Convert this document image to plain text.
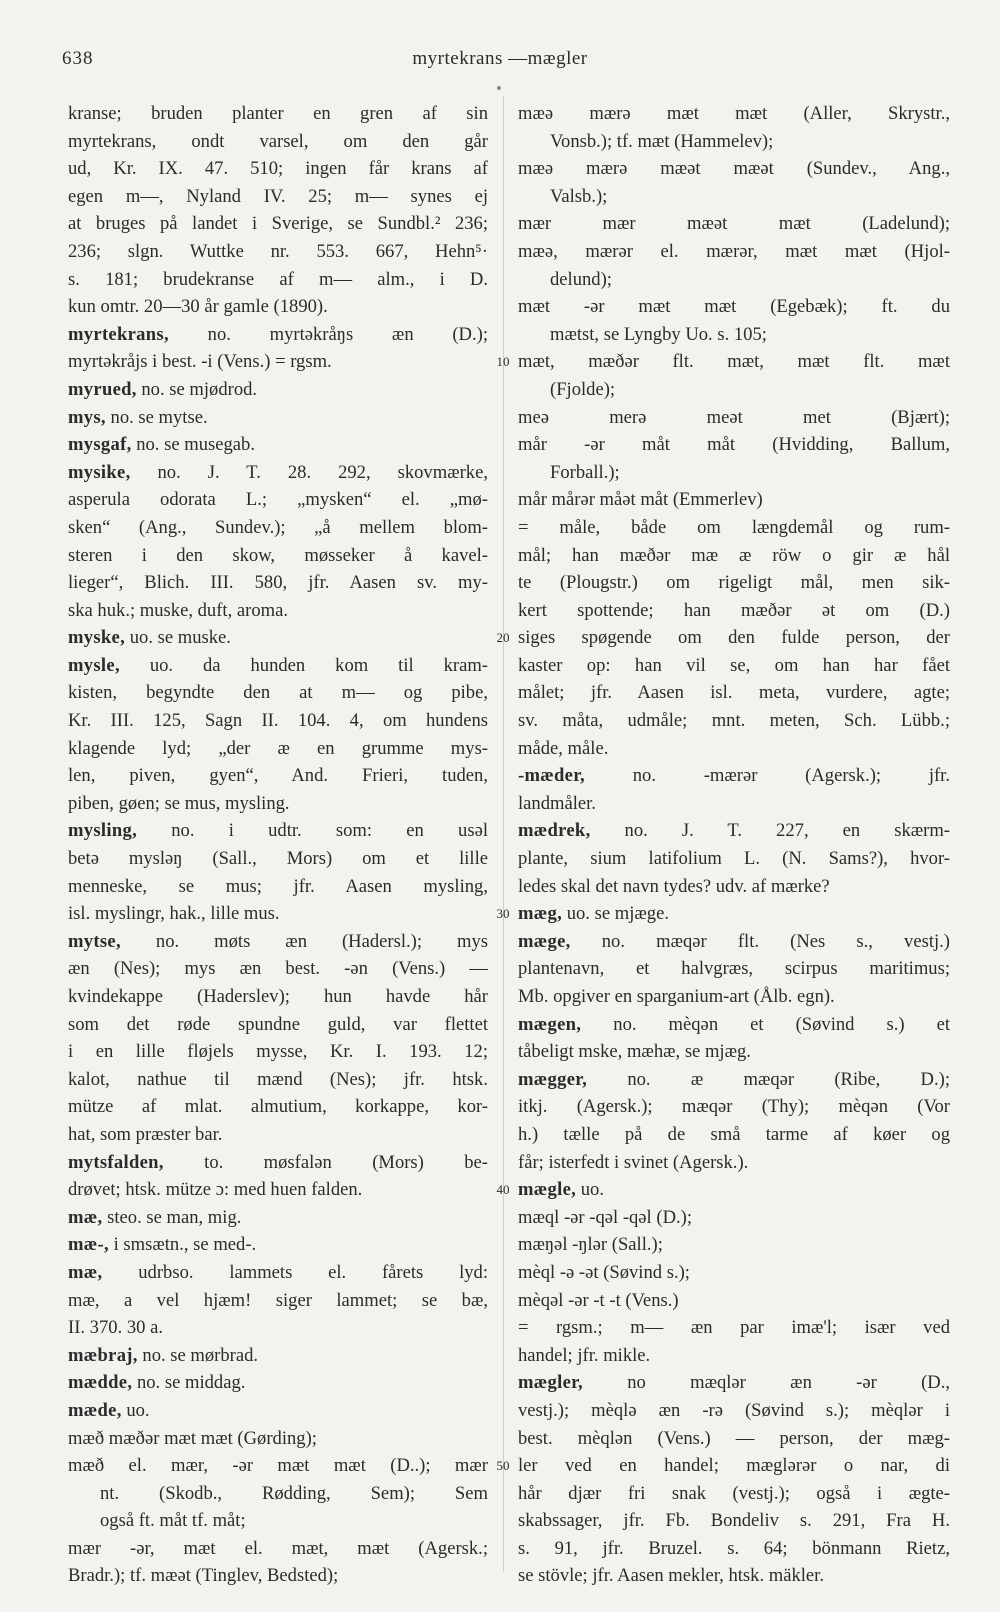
638	myrtekrans —mægler
kranse; bruden planter en gren af sin
myrtekrans, ondt varsel, om den går
ud, Kr. IX. 47. 510; ingen får krans af
egen m—, Nyland IV. 25; m— synes ej
at bruges på landet i Sverige, se Sundbl.² 236;
236; slgn. Wuttke nr. 553. 667, Hehn⁵·
s. 181; brudekranse af m— alm., i D.
kun omtr. 20—30 år gamle (1890).
myrtekrans, no. myrtəkråŋs æn (D.);
myrtəkråjs i best. -i (Vens.) = rgsm.
myrued, no. se mjødrod.
mys, no. se mytse.
mysgaf, no. se musegab.
mysike, no. J. T. 28. 292, skovmærke,
asperula odorata L.; „mysken“ el. „mø-
sken“ (Ang., Sundev.); „å mellem blom-
steren i den skow, møsseker å kavel-
lieger“, Blich. III. 580, jfr. Aasen sv. my-
ska huk.; muske, duft, aroma.
myske, uo. se muske.
mysle, uo. da hunden kom til kram-
kisten, begyndte den at m— og pibe,
Kr. III. 125, Sagn II. 104. 4, om hundens
klagende lyd; „der æ en grumme mys-
len, piven, gyen“, And. Frieri, tuden,
piben, gøen; se mus, mysling.
mysling, no. i udtr. som: en usəl
betə mysləŋ (Sall., Mors) om et lille
menneske, se mus; jfr. Aasen mysling,
isl. myslingr, hak., lille mus.
mytse, no. møts æn (Hadersl.); mys
æn (Nes); mys æn best. -ən (Vens.) —
kvindekappe (Haderslev); hun havde hår
som det røde spundne guld, var flettet
i en lille fløjels mysse, Kr. I. 193. 12;
kalot, nathue til mænd (Nes); jfr. htsk.
mütze af mlat. almutium, korkappe, kor-
hat, som præster bar.
mytsfalden, to. møsfalən (Mors) be-
drøvet; htsk. mütze ɔ: med huen falden.
mæ, steo. se man, mig.
mæ-, i smsætn., se med-.
mæ, udrbso. lammets el. fårets lyd:
mæ, a vel hjæm! siger lammet; se bæ,
II. 370. 30 a.
mæbraj, no. se mørbrad.
mædde, no. se middag.
mæde, uo.
mæð mæðər mæt mæt (Gørding);
mæð el. mær, -ər mæt mæt (D..); mær
nt. (Skodb., Rødding, Sem); Sem
også ft. måt tf. måt;
mær -ər, mæt el. mæt, mæt (Agersk.;
Bradr.); tf. mæət (Tinglev, Bedsted);
10
20
30
40
50
mæə mærə mæt mæt (Aller, Skrystr.,
Vonsb.); tf. mæt (Hammelev);
mæə mærə mæət mæət (Sundev., Ang.,
Valsb.);
mær mær mæət mæt (Ladelund);
mæə, mærər el. mærər, mæt mæt (Hjol-
delund);
mæt -ər mæt mæt (Egebæk); ft. du
mætst, se Lyngby Uo. s. 105;
mæt, mæðər flt. mæt, mæt flt. mæt
(Fjolde);
meə merə meət met (Bjært);
mår -ər måt måt (Hvidding, Ballum,
Forball.);
mår mårər måət måt (Emmerlev)
= måle, både om længdemål og rum-
mål; han mæðər mæ æ röw o gir æ hål
te (Plougstr.) om rigeligt mål, men sik-
kert spottende; han mæðər ət om (D.)
siges spøgende om den fulde person, der
kaster op: han vil se, om han har fået
målet; jfr. Aasen isl. meta, vurdere, agte;
sv. måta, udmåle; mnt. meten, Sch. Lübb.;
måde, måle.
-mæder, no. -mærər (Agersk.); jfr.
landmåler.
mædrek, no. J. T. 227, en skærm-
plante, sium latifolium L. (N. Sams?), hvor-
ledes skal det navn tydes? udv. af mærke?
mæg, uo. se mjæge.
mæge, no. mæqər flt. (Nes s., vestj.)
plantenavn, et halvgræs, scirpus maritimus;
Mb. opgiver en sparganium-art (Ålb. egn).
mægen, no. mèqən et (Søvind s.) et
tåbeligt mske, mæhæ, se mjæg.
mægger, no. æ mæqər (Ribe, D.);
itkj. (Agersk.); mæqər (Thy); mèqən (Vor
h.) tælle på de små tarme af køer og
får; isterfedt i svinet (Agersk.).
mægle, uo.
mæql -ər -qəl -qəl (D.);
mæŋəl -ŋlər (Sall.);
mèql -ə -ət (Søvind s.);
mèqəl -ər -t -t (Vens.)
= rgsm.; m— æn par imæ'l; især ved
handel; jfr. mikle.
mægler, no mæqlər æn -ər (D.,
vestj.); mèqlə æn -rə (Søvind s.); mèqlər i
best. mèqlən (Vens.) — person, der mæg-
ler ved en handel; mæglərər o nar, di
hår djær fri snak (vestj.); også i ægte-
skabssager, jfr. Fb. Bondeliv s. 291, Fra H.
s. 91, jfr. Bruzel. s. 64; bönmann Rietz,
se stövle; jfr. Aasen mekler, htsk. mäkler.
